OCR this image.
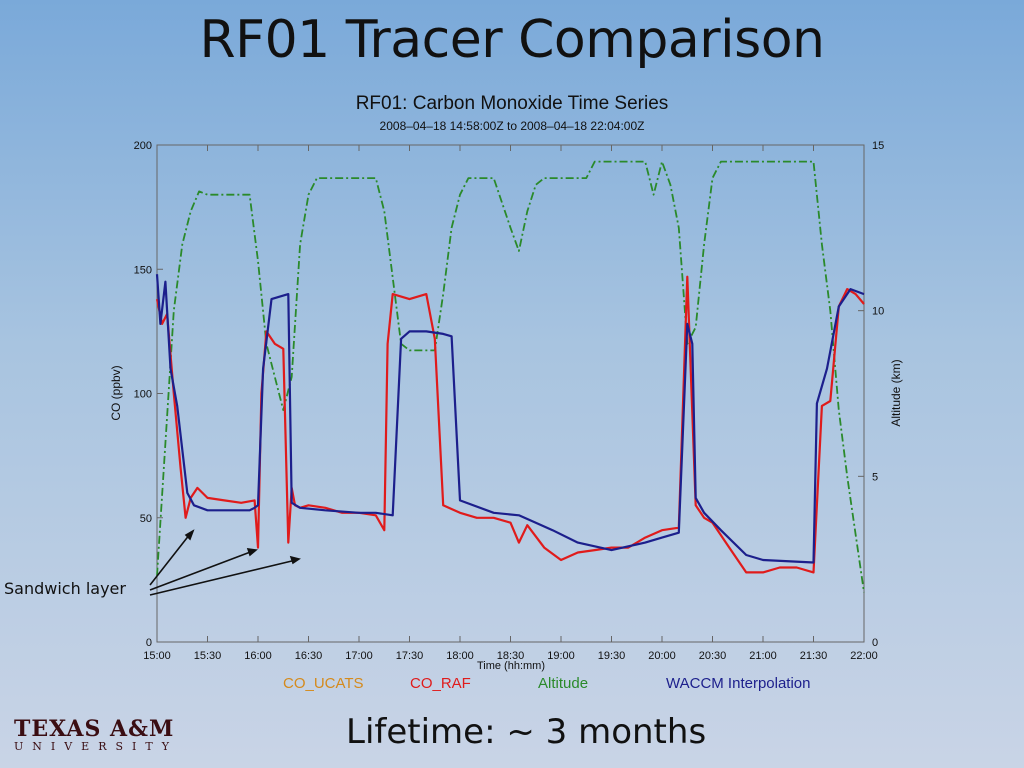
RF01 Tracer Comparison
RF01: Carbon Monoxide Time Series
2008–04–18 14:58:00Z to 2008–04–18 22:04:00Z
15:00 15:30 16:00 16:30 17:00 17:30 18:00 18:30 19:00 19:30 20:00 20:30 21:00 21:30 22:00
0
50
100
150
200
0
5
10
15
CO (ppbv)	Altitude (km)
Time (hh:mm)
CO_UCATS	CO_RAF	Altitude	WACCM Interpolation
Sandwich layer
Lifetime: ~ 3 months
TEXAS A&M
UNIVERSITY
